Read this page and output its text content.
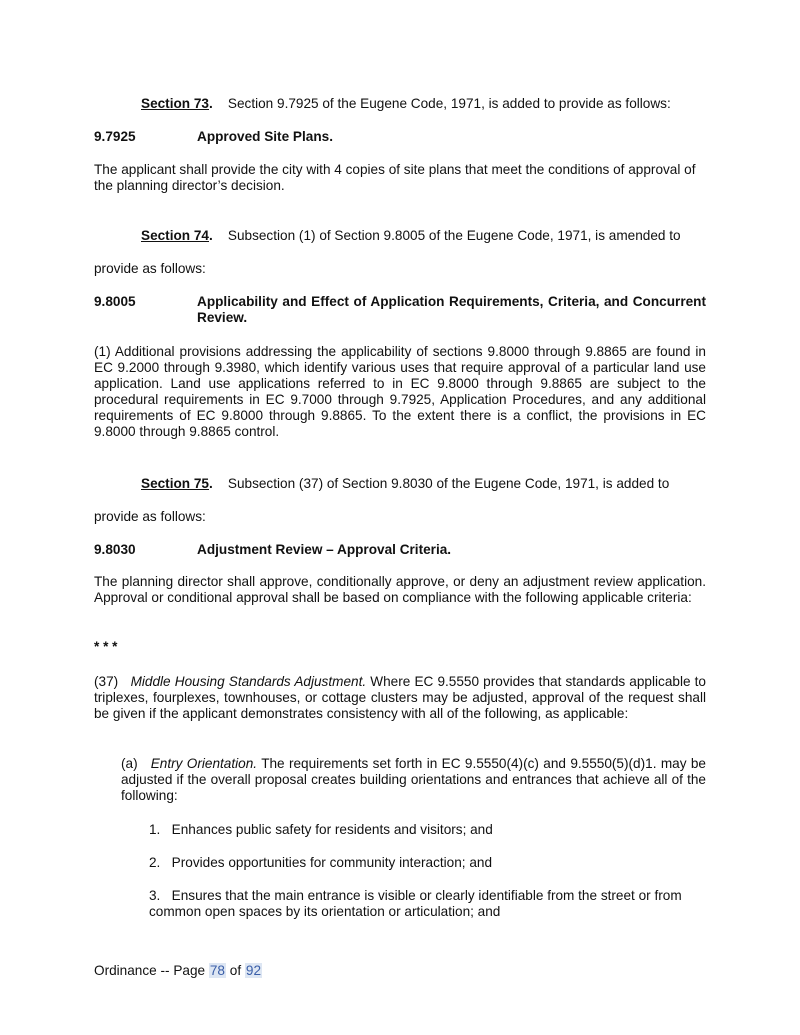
Section 73. Section 9.7925 of the Eugene Code, 1971, is added to provide as follows:

9.7925	Approved Site Plans.

The applicant shall provide the city with 4 copies of site plans that meet the conditions of approval of the planning director’s decision.

Section 74. Subsection (1) of Section 9.8005 of the Eugene Code, 1971, is amended to

provide as follows:

9.8005	Applicability and Effect of Application Requirements, Criteria, and Concurrent Review.

(1) Additional provisions addressing the applicability of sections 9.8000 through 9.8865 are found in EC 9.2000 through 9.3980, which identify various uses that require approval of a particular land use application. Land use applications referred to in EC 9.8000 through 9.8865 are subject to the procedural requirements in EC 9.7000 through 9.7925, Application Procedures, and any additional requirements of EC 9.8000 through 9.8865. To the extent there is a conflict, the provisions in EC 9.8000 through 9.8865 control.

Section 75. Subsection (37) of Section 9.8030 of the Eugene Code, 1971, is added to

provide as follows:

9.8030	Adjustment Review – Approval Criteria.

The planning director shall approve, conditionally approve, or deny an adjustment review application. Approval or conditional approval shall be based on compliance with the following applicable criteria:

* * *

(37) Middle Housing Standards Adjustment. Where EC 9.5550 provides that standards applicable to triplexes, fourplexes, townhouses, or cottage clusters may be adjusted, approval of the request shall be given if the applicant demonstrates consistency with all of the following, as applicable:

(a) Entry Orientation. The requirements set forth in EC 9.5550(4)(c) and 9.5550(5)(d)1. may be adjusted if the overall proposal creates building orientations and entrances that achieve all of the following:

1.   Enhances public safety for residents and visitors; and

2.   Provides opportunities for community interaction; and

3.   Ensures that the main entrance is visible or clearly identifiable from the street or from common open spaces by its orientation or articulation; and

Ordinance -- Page 78 of 92
